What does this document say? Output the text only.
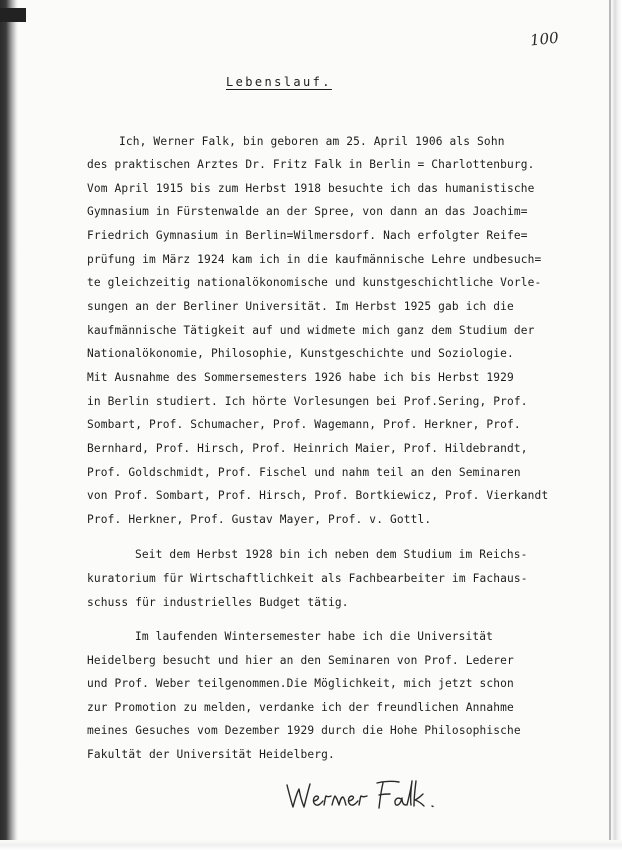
100
Lebenslauf.
Ich, Werner Falk, bin geboren am 25. April 1906 als Sohn
des praktischen Arztes Dr. Fritz Falk in Berlin = Charlottenburg.
Vom April 1915 bis zum Herbst 1918 besuchte ich das humanistische
Gymnasium in Fürstenwalde an der Spree, von dann an das Joachim=
Friedrich Gymnasium in Berlin=Wilmersdorf. Nach erfolgter Reife=
prüfung im März 1924 kam ich in die kaufmännische Lehre undbesuch=
te gleichzeitig nationalökonomische und kunstgeschichtliche Vorle-
sungen an der Berliner Universität. Im Herbst 1925 gab ich die
kaufmännische Tätigkeit auf und widmete mich ganz dem Studium der
Nationalökonomie, Philosophie, Kunstgeschichte und Soziologie.
Mit Ausnahme des Sommersemesters 1926 habe ich bis Herbst 1929
in Berlin studiert. Ich hörte Vorlesungen bei Prof.Sering, Prof.
Sombart, Prof. Schumacher, Prof. Wagemann, Prof. Herkner, Prof.
Bernhard, Prof. Hirsch, Prof. Heinrich Maier, Prof. Hildebrandt,
Prof. Goldschmidt, Prof. Fischel und nahm teil an den Seminaren
von Prof. Sombart, Prof. Hirsch, Prof. Bortkiewicz, Prof. Vierkandt
Prof. Herkner, Prof. Gustav Mayer, Prof. v. Gottl.
Seit dem Herbst 1928 bin ich neben dem Studium im Reichs-
kuratorium für Wirtschaftlichkeit als Fachbearbeiter im Fachaus-
schuss für industrielles Budget tätig.
Im laufenden Wintersemester habe ich die Universität
Heidelberg besucht und hier an den Seminaren von Prof. Lederer
und Prof. Weber teilgenommen.Die Möglichkeit, mich jetzt schon
zur Promotion zu melden, verdanke ich der freundlichen Annahme
meines Gesuches vom Dezember 1929 durch die Hohe Philosophische
Fakultät der Universität Heidelberg.
